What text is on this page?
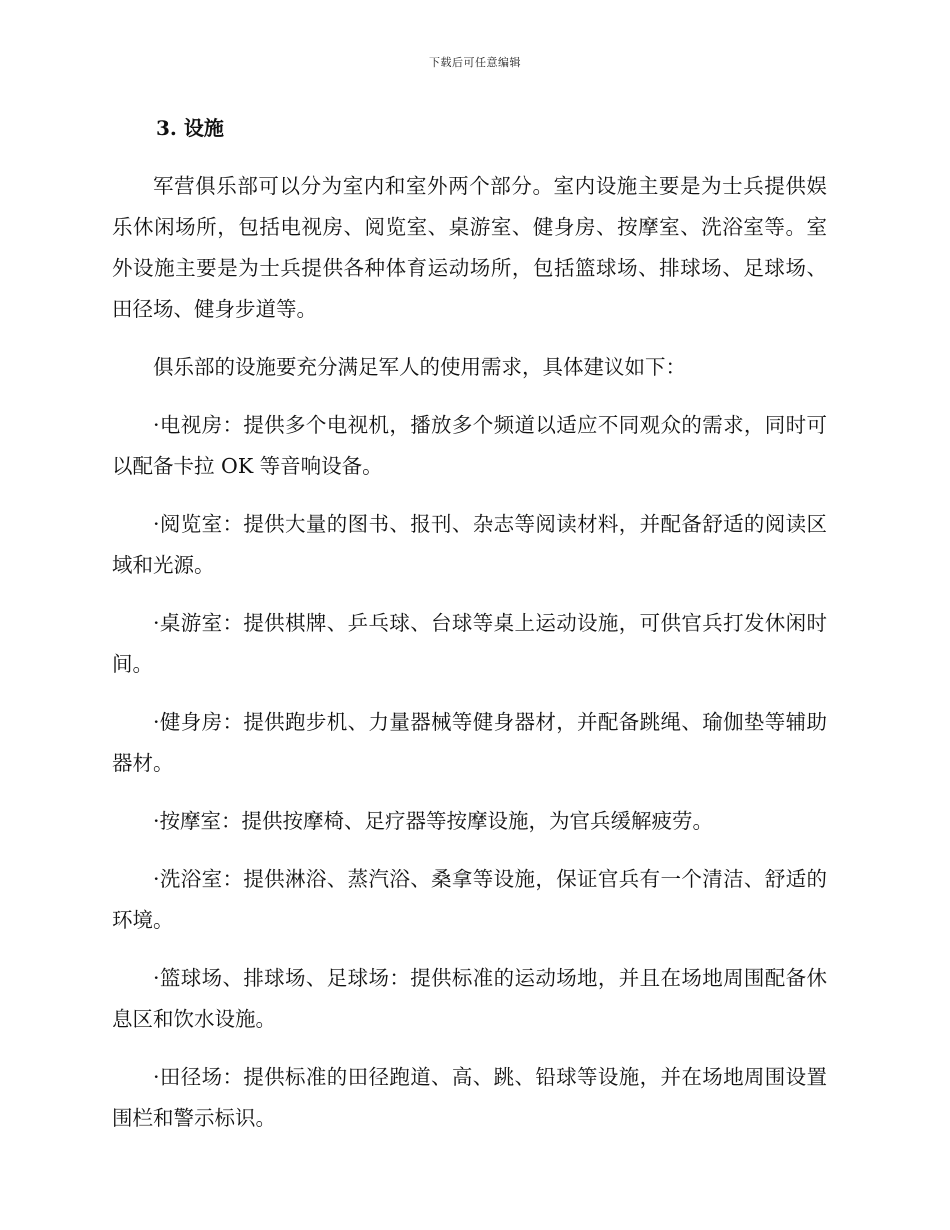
下载后可任意编辑
3. 设施

军营俱乐部可以分为室内和室外两个部分。室内设施主要是为士兵提供娱乐休闲场所，包括电视房、阅览室、桌游室、健身房、按摩室、洗浴室等。室外设施主要是为士兵提供各种体育运动场所，包括篮球场、排球场、足球场、田径场、健身步道等。

俱乐部的设施要充分满足军人的使用需求，具体建议如下：

·电视房：提供多个电视机，播放多个频道以适应不同观众的需求，同时可以配备卡拉 OK 等音响设备。

·阅览室：提供大量的图书、报刊、杂志等阅读材料，并配备舒适的阅读区域和光源。

·桌游室：提供棋牌、乒乓球、台球等桌上运动设施，可供官兵打发休闲时间。

·健身房：提供跑步机、力量器械等健身器材，并配备跳绳、瑜伽垫等辅助器材。

·按摩室：提供按摩椅、足疗器等按摩设施，为官兵缓解疲劳。

·洗浴室：提供淋浴、蒸汽浴、桑拿等设施，保证官兵有一个清洁、舒适的环境。

·篮球场、排球场、足球场：提供标准的运动场地，并且在场地周围配备休息区和饮水设施。

·田径场：提供标准的田径跑道、高、跳、铅球等设施，并在场地周围设置围栏和警示标识。
